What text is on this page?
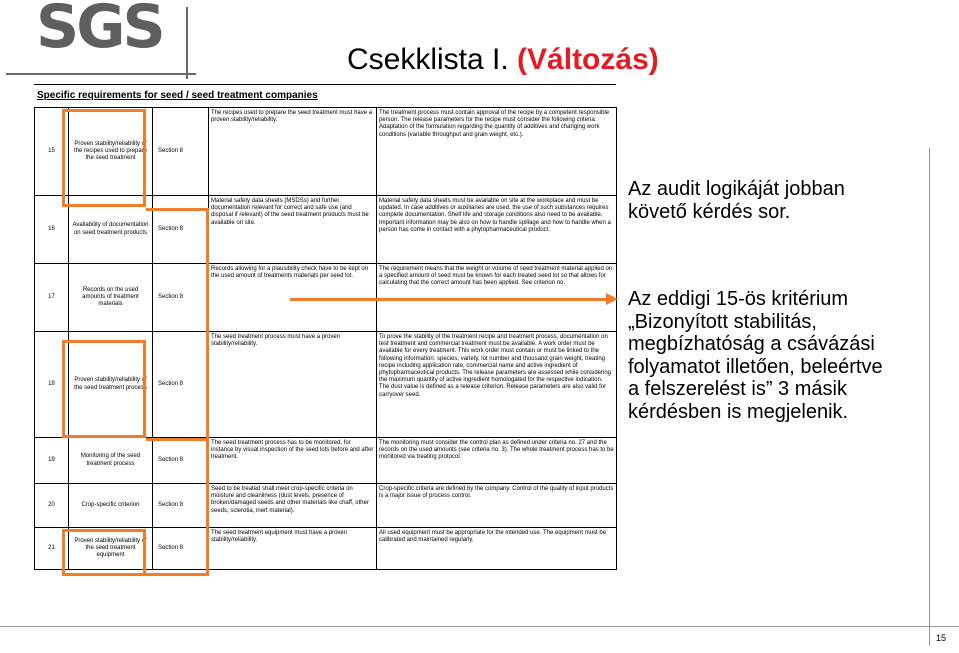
SGS	Csekklista I. (Változás)
Specific requirements for seed / seed treatment companies
15	Proven stability/reliability of the recipes used to prepare the seed treatment	Section 8	The recipes used to prepare the seed treatment must have a proven stability/reliability.	The treatment process must contain approval of the recipe by a competent responsible person. The release parameters for the recipe must consider the following criteria: Adaptation of the formulation regarding the quantity of additives and changing work conditions (variable throughput and grain weight, etc.).
16	Availability of documentation on seed treatment products	Section 8	Material safety data sheets (MSDSs) and further documentation relevant for correct and safe use (and disposal if relevant) of the seed treatment products must be available on site.	Material safety data sheets must be available on site at the workplace and must be updated. In case additives or auxiliaries are used, the use of such substances requires complete documentation. Shelf life and storage conditions also need to be available. Important information may be also on how to handle spillage and how to handle when a person has come in contact with a phytopharmaceutical product.
17	Records on the used amounts of treatment materials	Section 8	Records allowing for a plausibility check have to be kept on the used amount of treatments materials per seed lot.	The requirement means that the weight or volume of seed treatment material applied on a specified amount of seed must be known for each treated seed lot so that allows for calculating that the correct amount has been applied. See criterion no.
18	Proven stability/reliability of the seed treatment process	Section 8	The seed treatment process must have a proven stability/reliability.	To prove the stability of the treatment recipe and treatment process, documentation on test treatment and commercial treatment must be available. A work order must be available for every treatment. This work order must contain or must be linked to the following information: species, variety, lot number and thousand grain weight, treating recipe including application rate, commercial name and active ingredient of phytopharmaceutical products. The release parameters are assessed while considering the maximum quantity of active ingredient homologated for the respective indication. The dust value is defined as a release criterion. Release parameters are also valid for carryover seed.
19	Monitoring of the seed treatment process	Section 8	The seed treatment process has to be monitored, for instance by visual inspection of the seed lots before and after treatment.	The monitoring must consider the control plan as defined under criteria no. 27 and the records on the used amounts (see criteria no. 3). The whole treatment process has to be monitored via treating protocol.
20	Crop-specific criterion	Section 8	Seed to be treated shall meet crop-specific criteria on moisture and cleanliness (dust levels, presence of broken/damaged seeds and other materials like chaff, other seeds, sclerotia, inert material).	Crop-specific criteria are defined by the company. Control of the quality of input products is a major issue of process control.
21	Proven stability/reliability of the seed treatment equipment	Section 8	The seed treatment equipment must have a proven stability/reliability.	All used equipment must be appropriate for the intended use. The equipment must be calibrated and maintained regularly.
Az audit logikáját jobban
követő kérdés sor.
Az eddigi 15-ös kritérium
„Bizonyított stabilitás,
megbízhatóság a csávázási
folyamatot illetően, beleértve
a felszerelést is” 3 másik
kérdésben is megjelenik.
15
